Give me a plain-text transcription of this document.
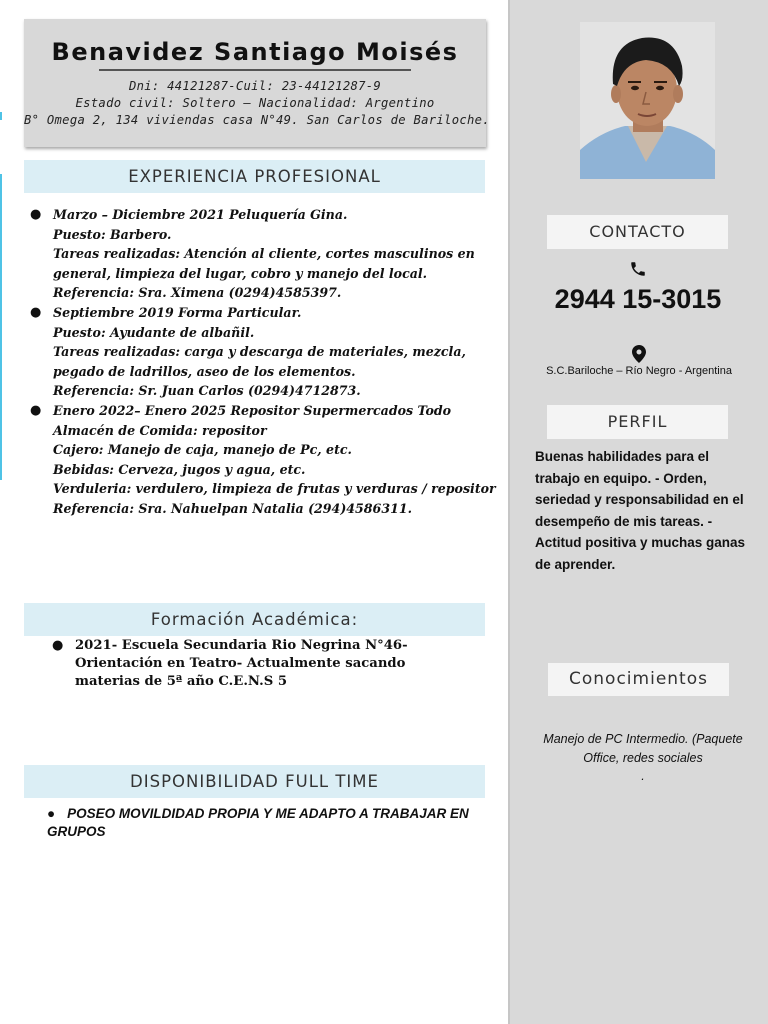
Benavidez Santiago Moisés
Dni: 44121287-Cuil: 23-44121287-9
Estado civil: Soltero – Nacionalidad: Argentino
B° Omega 2, 134 viviendas casa N°49. San Carlos de Bariloche.
EXPERIENCIA PROFESIONAL
● Marzo – Diciembre 2021 Peluquería Gina.
Puesto: Barbero.
Tareas realizadas: Atención al cliente, cortes masculinos en
general, limpieza del lugar, cobro y manejo del local.
Referencia: Sra. Ximena (0294)4585397.
● Septiembre 2019 Forma Particular.
Puesto: Ayudante de albañil.
Tareas realizadas: carga y descarga de materiales, mezcla,
pegado de ladrillos, aseo de los elementos.
Referencia: Sr. Juan Carlos (0294)4712873.
● Enero 2022– Enero 2025 Repositor Supermercados Todo
Almacén de Comida: repositor
Cajero: Manejo de caja, manejo de Pc, etc.
Bebidas: Cerveza, jugos y agua, etc.
Verduleria: verdulero, limpieza de frutas y verduras / repositor
Referencia: Sra. Nahuelpan Natalia (294)4586311.
Formación Académica:
● 2021- Escuela Secundaria Rio Negrina N°46-
Orientación en Teatro- Actualmente sacando
materias de 5ª año C.E.N.S 5
DISPONIBILIDAD FULL TIME
● POSEO MOVILDIDAD PROPIA Y ME ADAPTO A TRABAJAR EN GRUPOS
CONTACTO
2944 15-3015
S.C.Bariloche – Río Negro - Argentina
PERFIL
Buenas habilidades para el trabajo en equipo. - Orden, seriedad y responsabilidad en el desempeño de mis tareas. - Actitud positiva y muchas ganas de aprender.
Conocimientos
Manejo de PC Intermedio. (Paquete
Office, redes sociales
.
